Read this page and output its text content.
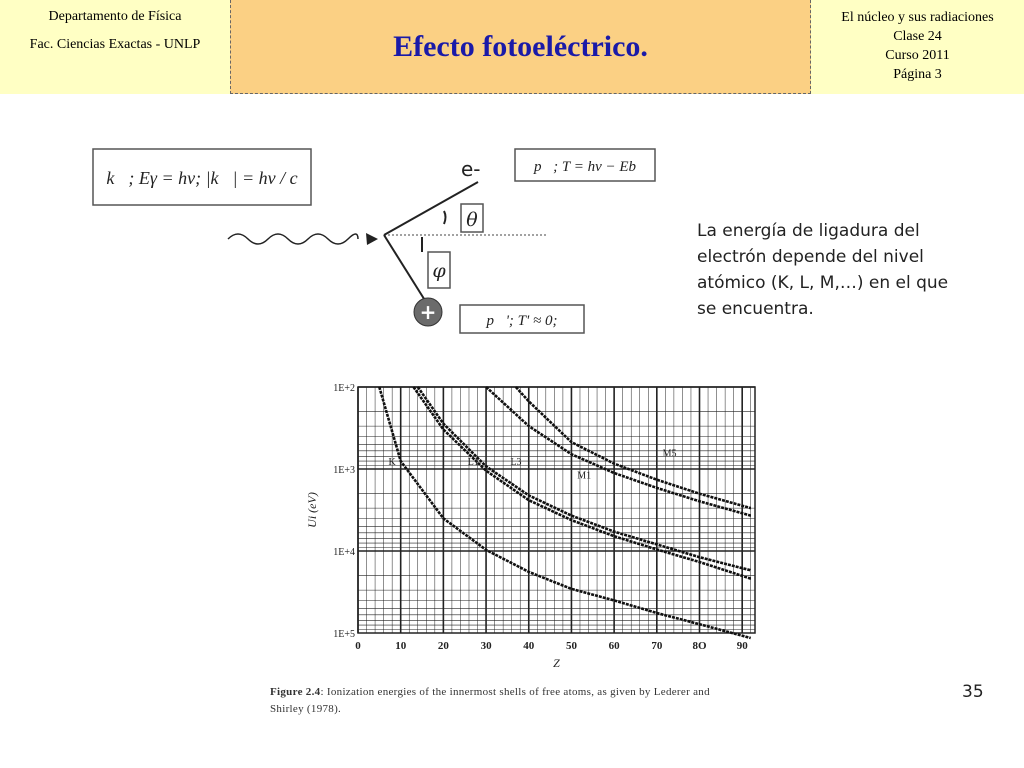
Departamento de Física
Fac. Ciencias Exactas - UNLP	Efecto fotoeléctrico.
El núcleo y sus radiaciones
Clase 24
Curso 2011
Página 3
k⃗; Eγ = hν; |k⃗| = hν / c	e-	p⃗; T = hν − Eb
θ
φ
+	p⃗'; T' ≈ 0;
La energía de ligadura del
electrón depende del nivel
atómico (K, L, M,…) en el que
se encuentra.
0	10	20	30	40	50	60	70	8O	90
1E+2
1E+3
1E+4
1E+5
Z
Ui (eV)
K	L1	L3
M1
M5
Figure 2.4: Ionization energies of the innermost shells of free atoms, as given by Lederer and
Shirley (1978).
35
